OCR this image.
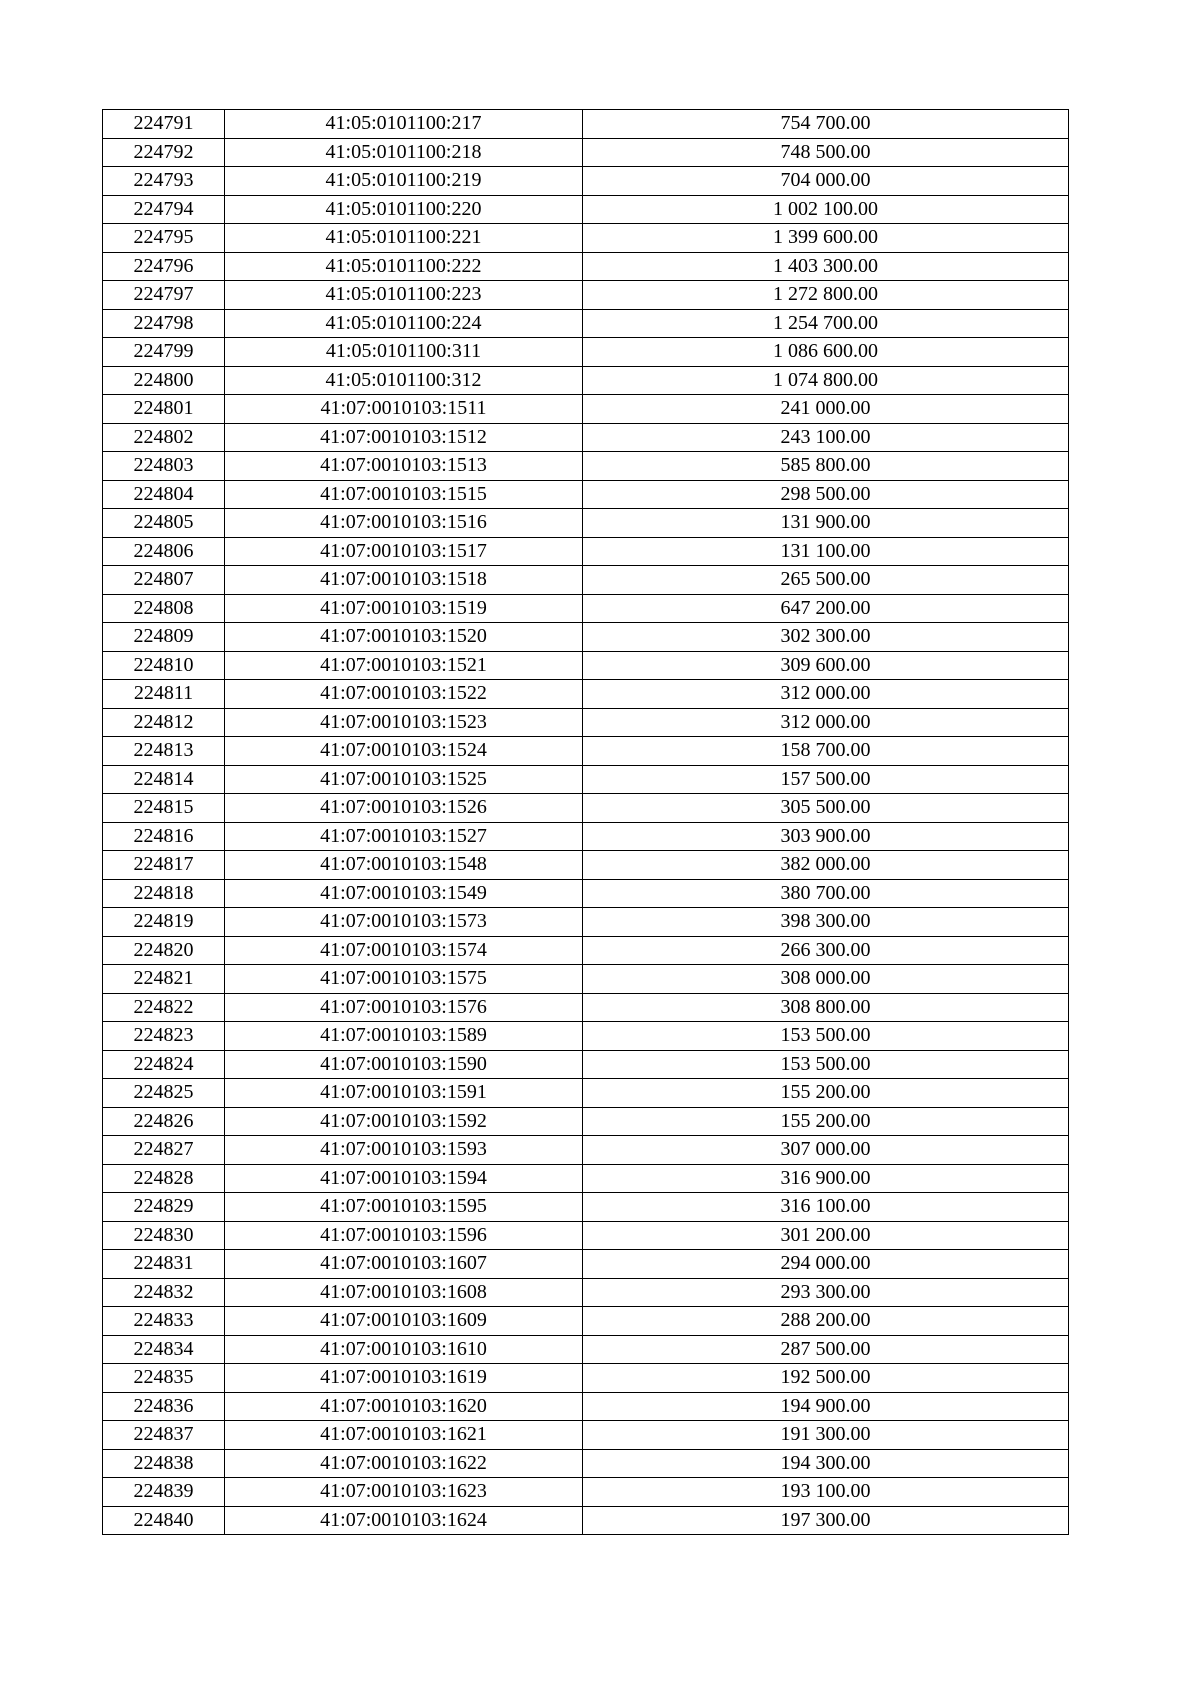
224791	41:05:0101100:217	754 700.00
224792	41:05:0101100:218	748 500.00
224793	41:05:0101100:219	704 000.00
224794	41:05:0101100:220	1 002 100.00
224795	41:05:0101100:221	1 399 600.00
224796	41:05:0101100:222	1 403 300.00
224797	41:05:0101100:223	1 272 800.00
224798	41:05:0101100:224	1 254 700.00
224799	41:05:0101100:311	1 086 600.00
224800	41:05:0101100:312	1 074 800.00
224801	41:07:0010103:1511	241 000.00
224802	41:07:0010103:1512	243 100.00
224803	41:07:0010103:1513	585 800.00
224804	41:07:0010103:1515	298 500.00
224805	41:07:0010103:1516	131 900.00
224806	41:07:0010103:1517	131 100.00
224807	41:07:0010103:1518	265 500.00
224808	41:07:0010103:1519	647 200.00
224809	41:07:0010103:1520	302 300.00
224810	41:07:0010103:1521	309 600.00
224811	41:07:0010103:1522	312 000.00
224812	41:07:0010103:1523	312 000.00
224813	41:07:0010103:1524	158 700.00
224814	41:07:0010103:1525	157 500.00
224815	41:07:0010103:1526	305 500.00
224816	41:07:0010103:1527	303 900.00
224817	41:07:0010103:1548	382 000.00
224818	41:07:0010103:1549	380 700.00
224819	41:07:0010103:1573	398 300.00
224820	41:07:0010103:1574	266 300.00
224821	41:07:0010103:1575	308 000.00
224822	41:07:0010103:1576	308 800.00
224823	41:07:0010103:1589	153 500.00
224824	41:07:0010103:1590	153 500.00
224825	41:07:0010103:1591	155 200.00
224826	41:07:0010103:1592	155 200.00
224827	41:07:0010103:1593	307 000.00
224828	41:07:0010103:1594	316 900.00
224829	41:07:0010103:1595	316 100.00
224830	41:07:0010103:1596	301 200.00
224831	41:07:0010103:1607	294 000.00
224832	41:07:0010103:1608	293 300.00
224833	41:07:0010103:1609	288 200.00
224834	41:07:0010103:1610	287 500.00
224835	41:07:0010103:1619	192 500.00
224836	41:07:0010103:1620	194 900.00
224837	41:07:0010103:1621	191 300.00
224838	41:07:0010103:1622	194 300.00
224839	41:07:0010103:1623	193 100.00
224840	41:07:0010103:1624	197 300.00
